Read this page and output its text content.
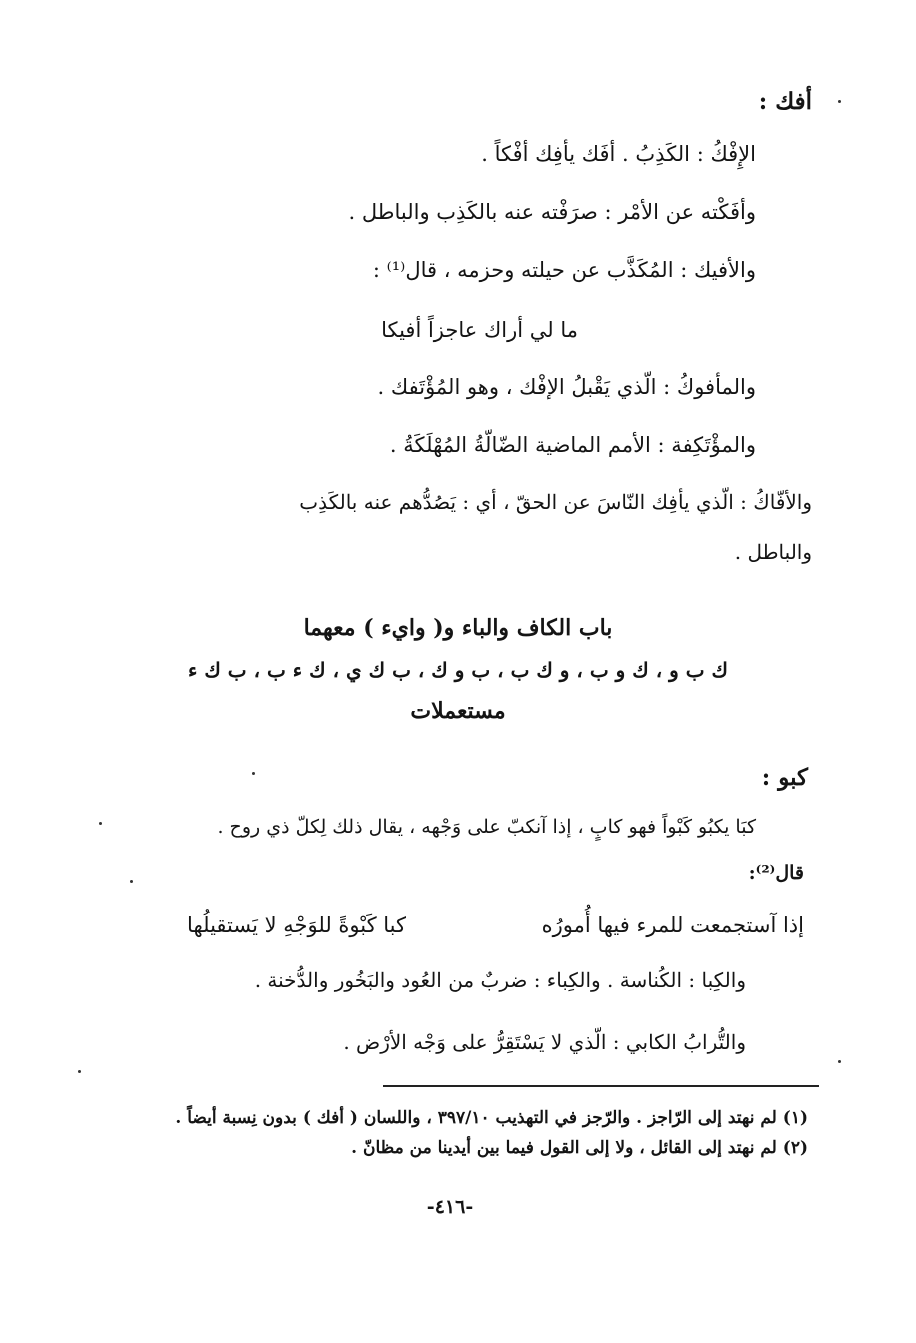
أفك :
الإِفْكُ : الكَذِبُ . أفَك يأفِك أفْكاً .
وأفَكْته عن الأمْر : صرَفْته عنه بالكَذِب والباطل .
والأفيك : المُكَذَّب عن حيلته وحزمه ، قال⁽¹⁾ :
ما لي أراك عاجزاً أفيكا
والمأفوكُ : الّذي يَقْبلُ الإفْك ، وهو المُؤْتَفك .
والمؤْتَكِفة : الأمم الماضية الضّالّةُ المُهْلَكَةُ .
والأفّاكُ : الّذي يأفِك النّاسَ عن الحقّ ، أي : يَصُدُّهم عنه بالكَذِب
والباطل .
باب الكاف والباء و( وايء ) معهما
ك ب و ، ك و ب ، و ك ب ، ب و ك ، ب ك ي ، ك ء ب ، ب ك ء
مستعملات
كبو :
كبَا يكبُو كَبْواً فهو كابٍ ، إذا آنكبّ على وَجْهه ، يقال ذلك لِكلّ ذي روح .
قال⁽²⁾:
إذا آستجمعت للمرء فيها أُمورُه
كبا كَبْوةً للوَجْهِ لا يَستقيلُها
والكِبا : الكُناسة . والكِباء : ضربٌ من العُود والبَخُور والدُّخنة .
والتُّرابُ الكابي : الّذي لا يَسْتَقِرُّ على وَجْه الأرْض .
(١) لم نهتد إلى الرّاجز . والرّجز في التهذيب ٣٩٧/١٠ ، واللسان ( أفك ) بدون نِسبة أيضاً .
(٢) لم نهتد إلى القائل ، ولا إلى القول فيما بين أيدينا من مظانّ .
-٤١٦-
